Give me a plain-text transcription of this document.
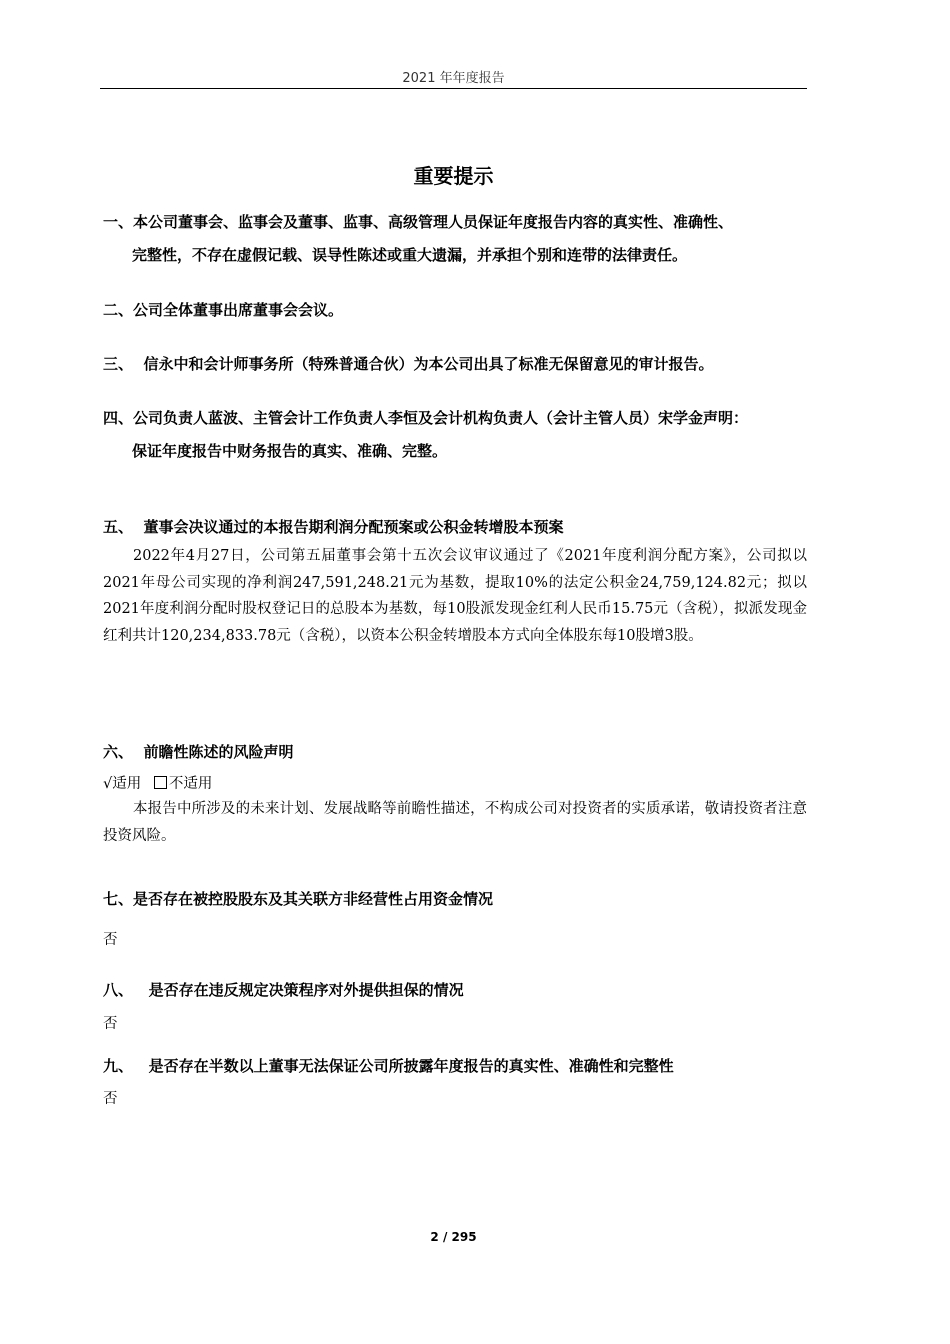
2021 年年度报告
重要提示
一、本公司董事会、监事会及董事、监事、高级管理人员保证年度报告内容的真实性、准确性、
完整性，不存在虚假记载、误导性陈述或重大遗漏，并承担个别和连带的法律责任。
二、公司全体董事出席董事会会议。
三、  信永中和会计师事务所（特殊普通合伙）为本公司出具了标准无保留意见的审计报告。
四、公司负责人蓝波、主管会计工作负责人李恒及会计机构负责人（会计主管人员）宋学金声明：
保证年度报告中财务报告的真实、准确、完整。
五、  董事会决议通过的本报告期利润分配预案或公积金转增股本预案
2022年4月27日，公司第五届董事会第十五次会议审议通过了《2021年度利润分配方案》，公司拟以2021年母公司实现的净利润247,591,248.21元为基数，提取10%的法定公积金24,759,124.82元；拟以2021年度利润分配时股权登记日的总股本为基数，每10股派发现金红利人民币15.75元（含税），拟派发现金红利共计120,234,833.78元（含税），以资本公积金转增股本方式向全体股东每10股增3股。
六、  前瞻性陈述的风险声明
√适用 不适用
本报告中所涉及的未来计划、发展战略等前瞻性描述，不构成公司对投资者的实质承诺，敬请投资者注意投资风险。
七、是否存在被控股股东及其关联方非经营性占用资金情况
否
八、   是否存在违反规定决策程序对外提供担保的情况
否
九、   是否存在半数以上董事无法保证公司所披露年度报告的真实性、准确性和完整性
否
2 / 295
